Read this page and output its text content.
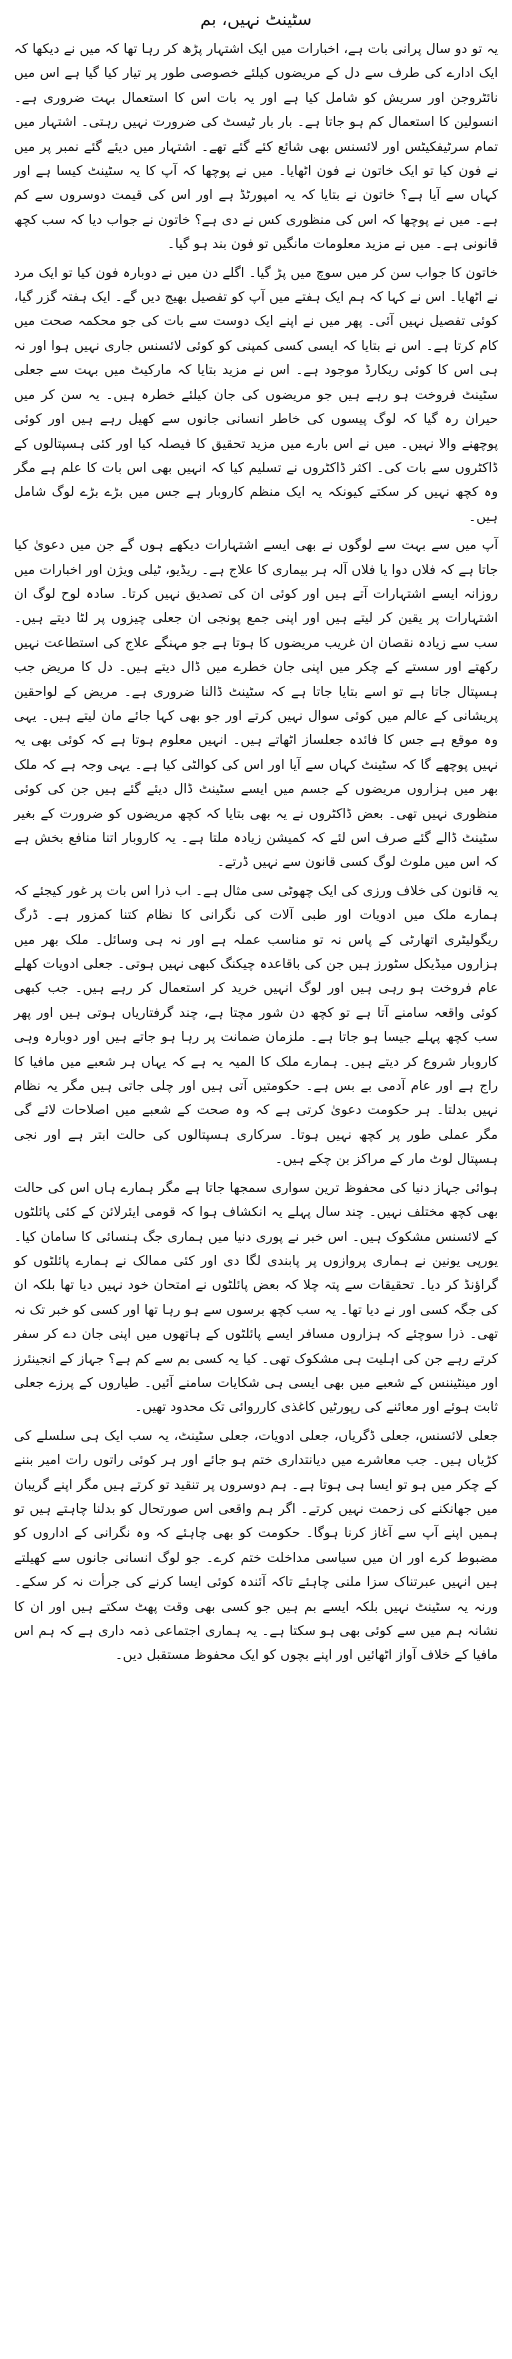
سٹینٹ نہیں، بم

یہ تو دو سال پرانی بات ہے، اخبارات میں ایک اشتہار پڑھ کر رہا تھا کہ میں نے دیکھا کہ ایک ادارے کی طرف سے دل کے مریضوں کیلئے خصوصی طور پر تیار کیا گیا ہے اس میں نائٹروجن اور سریش کو شامل کیا ہے اور یہ بات اس کا استعمال بہت ضروری ہے۔ انسولین کا استعمال کم ہو جاتا ہے۔ بار بار ٹیسٹ کی ضرورت نہیں رہتی۔ اشتہار میں تمام سرٹیفکیٹس اور لائسنس بھی شائع کئے گئے تھے۔ اشتہار میں دیئے گئے نمبر پر میں نے فون کیا تو ایک خاتون نے فون اٹھایا۔ میں نے پوچھا کہ آپ کا یہ سٹینٹ کیسا ہے اور کہاں سے آیا ہے؟ خاتون نے بتایا کہ یہ امپورٹڈ ہے اور اس کی قیمت دوسروں سے کم ہے۔ میں نے پوچھا کہ اس کی منظوری کس نے دی ہے؟ خاتون نے جواب دیا کہ سب کچھ قانونی ہے۔ میں نے مزید معلومات مانگیں تو فون بند ہو گیا۔

خاتون کا جواب سن کر میں سوچ میں پڑ گیا۔ اگلے دن میں نے دوبارہ فون کیا تو ایک مرد نے اٹھایا۔ اس نے کہا کہ ہم ایک ہفتے میں آپ کو تفصیل بھیج دیں گے۔ ایک ہفتہ گزر گیا، کوئی تفصیل نہیں آئی۔ پھر میں نے اپنے ایک دوست سے بات کی جو محکمہ صحت میں کام کرتا ہے۔ اس نے بتایا کہ ایسی کسی کمپنی کو کوئی لائسنس جاری نہیں ہوا اور نہ ہی اس کا کوئی ریکارڈ موجود ہے۔ اس نے مزید بتایا کہ مارکیٹ میں بہت سے جعلی سٹینٹ فروخت ہو رہے ہیں جو مریضوں کی جان کیلئے خطرہ ہیں۔ یہ سن کر میں حیران رہ گیا کہ لوگ پیسوں کی خاطر انسانی جانوں سے کھیل رہے ہیں اور کوئی پوچھنے والا نہیں۔ میں نے اس بارے میں مزید تحقیق کا فیصلہ کیا اور کئی ہسپتالوں کے ڈاکٹروں سے بات کی۔ اکثر ڈاکٹروں نے تسلیم کیا کہ انہیں بھی اس بات کا علم ہے مگر وہ کچھ نہیں کر سکتے کیونکہ یہ ایک منظم کاروبار ہے جس میں بڑے بڑے لوگ شامل ہیں۔

آپ میں سے بہت سے لوگوں نے بھی ایسے اشتہارات دیکھے ہوں گے جن میں دعویٰ کیا جاتا ہے کہ فلاں دوا یا فلاں آلہ ہر بیماری کا علاج ہے۔ ریڈیو، ٹیلی ویژن اور اخبارات میں روزانہ ایسے اشتہارات آتے ہیں اور کوئی ان کی تصدیق نہیں کرتا۔ سادہ لوح لوگ ان اشتہارات پر یقین کر لیتے ہیں اور اپنی جمع پونجی ان جعلی چیزوں پر لٹا دیتے ہیں۔ سب سے زیادہ نقصان ان غریب مریضوں کا ہوتا ہے جو مہنگے علاج کی استطاعت نہیں رکھتے اور سستے کے چکر میں اپنی جان خطرے میں ڈال دیتے ہیں۔ دل کا مریض جب ہسپتال جاتا ہے تو اسے بتایا جاتا ہے کہ سٹینٹ ڈالنا ضروری ہے۔ مریض کے لواحقین پریشانی کے عالم میں کوئی سوال نہیں کرتے اور جو بھی کہا جائے مان لیتے ہیں۔ یہی وہ موقع ہے جس کا فائدہ جعلساز اٹھاتے ہیں۔ انہیں معلوم ہوتا ہے کہ کوئی بھی یہ نہیں پوچھے گا کہ سٹینٹ کہاں سے آیا اور اس کی کوالٹی کیا ہے۔ یہی وجہ ہے کہ ملک بھر میں ہزاروں مریضوں کے جسم میں ایسے سٹینٹ ڈال دیئے گئے ہیں جن کی کوئی منظوری نہیں تھی۔ بعض ڈاکٹروں نے یہ بھی بتایا کہ کچھ مریضوں کو ضرورت کے بغیر سٹینٹ ڈالے گئے صرف اس لئے کہ کمیشن زیادہ ملتا ہے۔ یہ کاروبار اتنا منافع بخش ہے کہ اس میں ملوث لوگ کسی قانون سے نہیں ڈرتے۔

یہ قانون کی خلاف ورزی کی ایک چھوٹی سی مثال ہے۔ اب ذرا اس بات پر غور کیجئے کہ ہمارے ملک میں ادویات اور طبی آلات کی نگرانی کا نظام کتنا کمزور ہے۔ ڈرگ ریگولیٹری اتھارٹی کے پاس نہ تو مناسب عملہ ہے اور نہ ہی وسائل۔ ملک بھر میں ہزاروں میڈیکل سٹورز ہیں جن کی باقاعدہ چیکنگ کبھی نہیں ہوتی۔ جعلی ادویات کھلے عام فروخت ہو رہی ہیں اور لوگ انہیں خرید کر استعمال کر رہے ہیں۔ جب کبھی کوئی واقعہ سامنے آتا ہے تو کچھ دن شور مچتا ہے، چند گرفتاریاں ہوتی ہیں اور پھر سب کچھ پہلے جیسا ہو جاتا ہے۔ ملزمان ضمانت پر رہا ہو جاتے ہیں اور دوبارہ وہی کاروبار شروع کر دیتے ہیں۔ ہمارے ملک کا المیہ یہ ہے کہ یہاں ہر شعبے میں مافیا کا راج ہے اور عام آدمی بے بس ہے۔ حکومتیں آتی ہیں اور چلی جاتی ہیں مگر یہ نظام نہیں بدلتا۔ ہر حکومت دعویٰ کرتی ہے کہ وہ صحت کے شعبے میں اصلاحات لائے گی مگر عملی طور پر کچھ نہیں ہوتا۔ سرکاری ہسپتالوں کی حالت ابتر ہے اور نجی ہسپتال لوٹ مار کے مراکز بن چکے ہیں۔

ہوائی جہاز دنیا کی محفوظ ترین سواری سمجھا جاتا ہے مگر ہمارے ہاں اس کی حالت بھی کچھ مختلف نہیں۔ چند سال پہلے یہ انکشاف ہوا کہ قومی ایئرلائن کے کئی پائلٹوں کے لائسنس مشکوک ہیں۔ اس خبر نے پوری دنیا میں ہماری جگ ہنسائی کا سامان کیا۔ یورپی یونین نے ہماری پروازوں پر پابندی لگا دی اور کئی ممالک نے ہمارے پائلٹوں کو گراؤنڈ کر دیا۔ تحقیقات سے پتہ چلا کہ بعض پائلٹوں نے امتحان خود نہیں دیا تھا بلکہ ان کی جگہ کسی اور نے دیا تھا۔ یہ سب کچھ برسوں سے ہو رہا تھا اور کسی کو خبر تک نہ تھی۔ ذرا سوچئے کہ ہزاروں مسافر ایسے پائلٹوں کے ہاتھوں میں اپنی جان دے کر سفر کرتے رہے جن کی اہلیت ہی مشکوک تھی۔ کیا یہ کسی بم سے کم ہے؟ جہاز کے انجینئرز اور مینٹیننس کے شعبے میں بھی ایسی ہی شکایات سامنے آئیں۔ طیاروں کے پرزے جعلی ثابت ہوئے اور معائنے کی رپورٹیں کاغذی کارروائی تک محدود تھیں۔

جعلی لائسنس، جعلی ڈگریاں، جعلی ادویات، جعلی سٹینٹ، یہ سب ایک ہی سلسلے کی کڑیاں ہیں۔ جب معاشرے میں دیانتداری ختم ہو جائے اور ہر کوئی راتوں رات امیر بننے کے چکر میں ہو تو ایسا ہی ہوتا ہے۔ ہم دوسروں پر تنقید تو کرتے ہیں مگر اپنے گریبان میں جھانکنے کی زحمت نہیں کرتے۔ اگر ہم واقعی اس صورتحال کو بدلنا چاہتے ہیں تو ہمیں اپنے آپ سے آغاز کرنا ہوگا۔ حکومت کو بھی چاہئے کہ وہ نگرانی کے اداروں کو مضبوط کرے اور ان میں سیاسی مداخلت ختم کرے۔ جو لوگ انسانی جانوں سے کھیلتے ہیں انہیں عبرتناک سزا ملنی چاہئے تاکہ آئندہ کوئی ایسا کرنے کی جرأت نہ کر سکے۔ ورنہ یہ سٹینٹ نہیں بلکہ ایسے بم ہیں جو کسی بھی وقت پھٹ سکتے ہیں اور ان کا نشانہ ہم میں سے کوئی بھی ہو سکتا ہے۔ یہ ہماری اجتماعی ذمہ داری ہے کہ ہم اس مافیا کے خلاف آواز اٹھائیں اور اپنے بچوں کو ایک محفوظ مستقبل دیں۔
